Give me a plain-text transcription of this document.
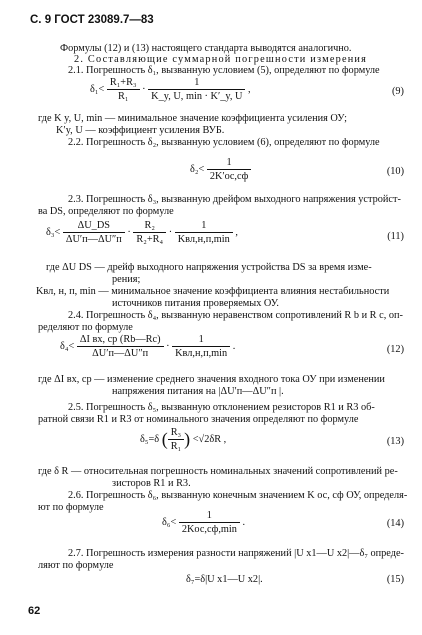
С. 9 ГОСТ 23089.7—83
Формулы (12) и (13) настоящего стандарта выводятся аналогично.
2. Составляющие суммарной погрешности измерения
2.1. Погрешность δ₁, вызванную условием (5), определяют по формуле
$\delta_1< \frac{\text{R₁+R₃}}{\text{R₁}} \cdot \frac{1}{K\_y, U, \min \cdot K'\_y, U}$ ,	(9)
где K y, U, min — минимальное значение коэффициента усиления ОУ;
K′y, U — коэффициент усиления ВУБ.
2.2. Погрешность δ₂, вызванную условием (6), определяют по формуле
$\delta_2< \frac{1}{2K'оc,сф}$	(10)
2.3. Погрешность δ₃, вызванную дрейфом выходного напряжения устройст-
ва DS, определяют по формуле
$\delta_3< \frac{\Delta U\_DS}{\Delta U'п—\Delta U''п} \cdot \frac{\text{R₂}}{\text{R₂+R₄}} \cdot \frac{1}{\text{Kвл,н,п,min}}$ ,	(11)
где ΔU DS — дрейф выходного напряжения устройства DS за время изме-
рения;
Kвл, н, п, min — минимальное значение коэффициента влияния нестабильности
источников питания проверяемых ОУ.
2.4. Погрешность δ₄, вызванную неравенством сопротивлений R b и R c, оп-
ределяют по формуле
$\delta_4< \frac{\text{ΔI вх, ср (Rb—Rc)}}{\Delta U'п—\Delta U''п} \cdot \frac{1}{\text{Kвл,н,п,min}}$ .	(12)
где ΔI вх, ср — изменение среднего значения входного тока ОУ при изменении
напряжения питания на |ΔU′п—ΔU″п |.
2.5. Погрешность δ₅, вызванную отклонением резисторов R1 и R3 об-
ратной связи R1 и R3 от номинального значения определяют по формуле
δ₅=δ ( $\frac{\text{R₃}}{\text{R₁}}$ ) <√2δR ,	(13)
где δ R — относительная погрешность номинальных значений сопротивлений ре-
зисторов R1 и R3.
2.6. Погрешность δ₆, вызванную конечным значением K ос, сф ОУ, определя-
ют по формуле
$\delta_6< \frac{1}{\text{2Kос,сф,min}}$ .	(14)
2.7. Погрешность измерения разности напряжений |U x1—U x2|—δ₇ опреде-
ляют по формуле
δ₇=δ|U x1—U x2|.	(15)
62
